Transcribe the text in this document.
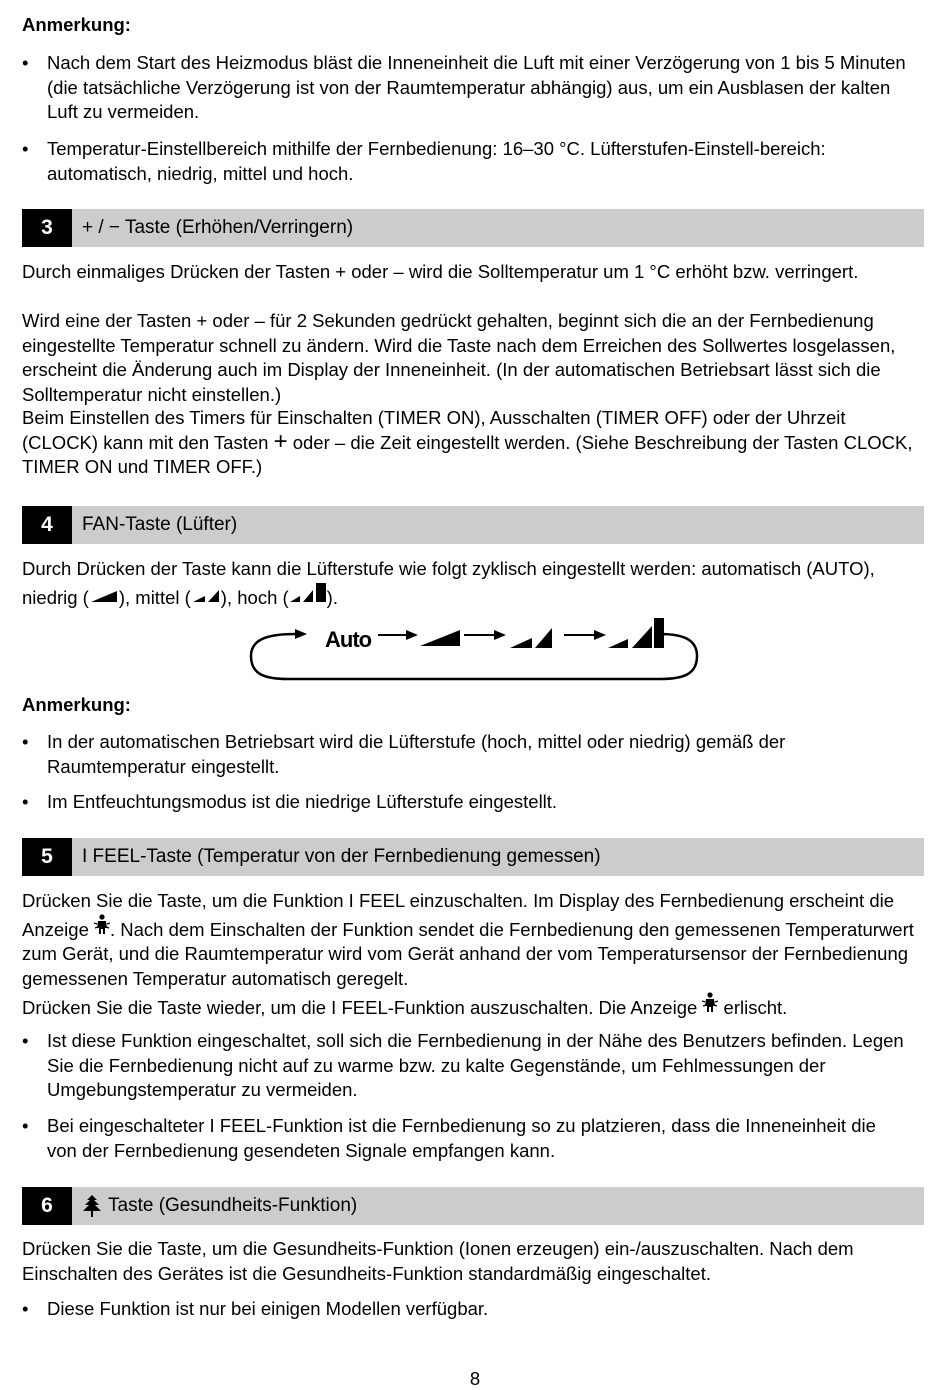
Anmerkung:
•	Nach dem Start des Heizmodus bläst die Inneneinheit die Luft mit einer Verzögerung von 1 bis 5 Minuten (die tatsächliche Verzögerung ist von der Raumtemperatur abhängig) aus, um ein Ausblasen der kalten Luft zu vermeiden.
•	Temperatur-Einstellbereich mithilfe der Fernbedienung: 16–30 °C. Lüfterstufen-Einstell-bereich: automatisch, niedrig, mittel und hoch.
3	+ / − Taste (Erhöhen/Verringern)

Durch einmaliges Drücken der Tasten + oder – wird die Solltemperatur um 1 °C erhöht bzw. verringert.

Wird eine der Tasten + oder – für 2 Sekunden gedrückt gehalten, beginnt sich die an der Fernbedienung eingestellte Temperatur schnell zu ändern. Wird die Taste nach dem Erreichen des Sollwertes losgelassen, erscheint die Änderung auch im Display der Inneneinheit. (In der automatischen Betriebsart lässt sich die Solltemperatur nicht einstellen.)

Beim Einstellen des Timers für Einschalten (TIMER ON), Ausschalten (TIMER OFF) oder der Uhrzeit (CLOCK) kann mit den Tasten + oder – die Zeit eingestellt werden. (Siehe Beschreibung der Tasten CLOCK, TIMER ON und TIMER OFF.)

4	FAN-Taste (Lüfter)

Durch Drücken der Taste kann die Lüfterstufe wie folgt zyklisch eingestellt werden: automatisch (AUTO), niedrig ( ), mittel ( ), hoch ( ).

Auto
Anmerkung:
•	In der automatischen Betriebsart wird die Lüfterstufe (hoch, mittel oder niedrig) gemäß der Raumtemperatur eingestellt.
•	Im Entfeuchtungsmodus ist die niedrige Lüfterstufe eingestellt.
5	I FEEL-Taste (Temperatur von der Fernbedienung gemessen)

Drücken Sie die Taste, um die Funktion I FEEL einzuschalten. Im Display des Fernbedienung erscheint die Anzeige . Nach dem Einschalten der Funktion sendet die Fernbedienung den gemessenen Temperaturwert zum Gerät, und die Raumtemperatur wird vom Gerät anhand der vom Temperatursensor der Fernbedienung gemessenen Temperatur automatisch geregelt.

Drücken Sie die Taste wieder, um die I FEEL-Funktion auszuschalten. Die Anzeige  erlischt.

•	Ist diese Funktion eingeschaltet, soll sich die Fernbedienung in der Nähe des Benutzers befinden. Legen Sie die Fernbedienung nicht auf zu warme bzw. zu kalte Gegenstände, um Fehlmessungen der Umgebungstemperatur zu vermeiden.
•	Bei eingeschalteter I FEEL-Funktion ist die Fernbedienung so zu platzieren, dass die Inneneinheit die von der Fernbedienung gesendeten Signale empfangen kann.
6	Taste (Gesundheits-Funktion)

Drücken Sie die Taste, um die Gesundheits-Funktion (Ionen erzeugen) ein-/auszuschalten. Nach dem Einschalten des Gerätes ist die Gesundheits-Funktion standardmäßig eingeschaltet.

•	Diese Funktion ist nur bei einigen Modellen verfügbar.
8
